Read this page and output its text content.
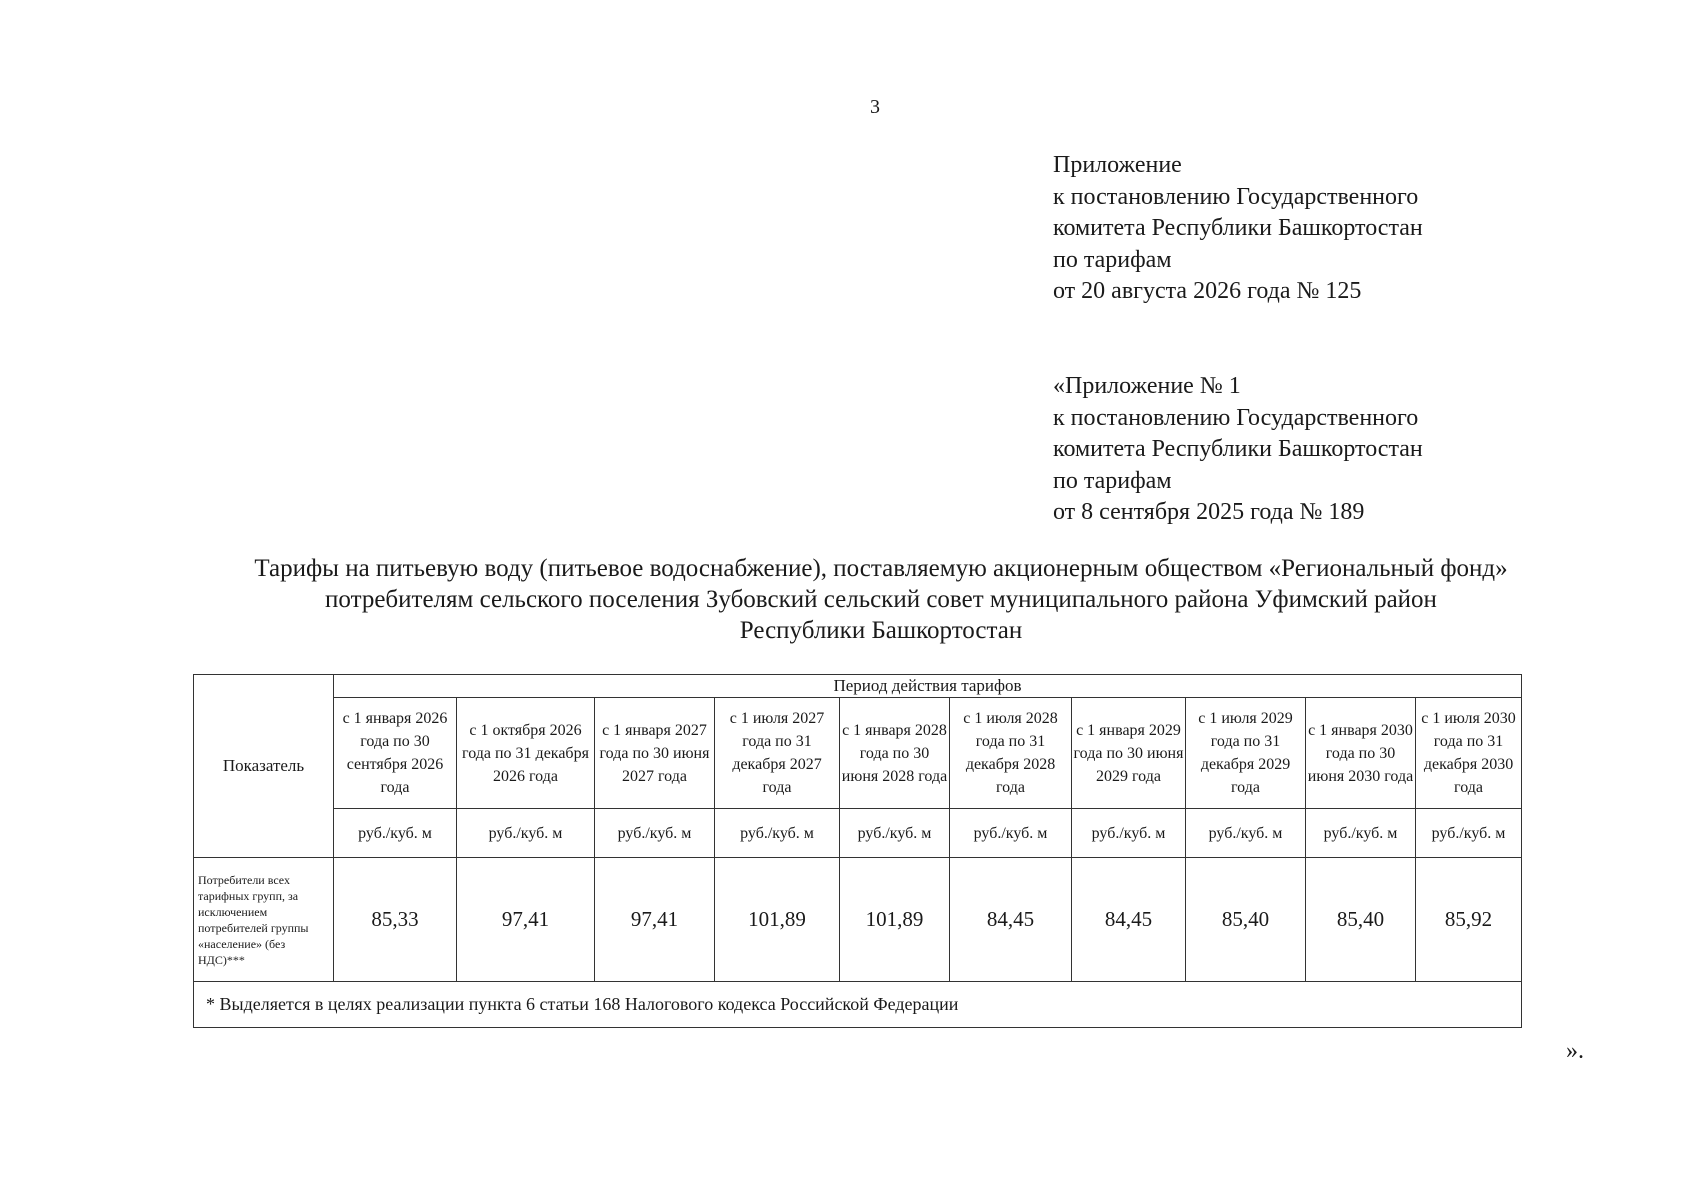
3
Приложение
к постановлению Государственного
комитета Республики Башкортостан
по тарифам
от 20 августа 2026 года № 125
«Приложение № 1
к постановлению Государственного
комитета Республики Башкортостан
по тарифам
от 8 сентября 2025 года № 189
Тарифы на питьевую воду (питьевое водоснабжение), поставляемую акционерным обществом «Региональный фонд»
потребителям сельского поселения Зубовский сельский совет муниципального района Уфимский район
Республики Башкортостан
Показатель	Период действия тарифов									
	с 1 января 2026 года по 30 сентября 2026 года	с 1 октября 2026 года по 31 декабря 2026 года	с 1 января 2027 года по 30 июня 2027 года	с 1 июля 2027 года по 31 декабря 2027 года	с 1 января 2028 года по 30 июня 2028 года	с 1 июля 2028 года по 31 декабря 2028 года	с 1 января 2029 года по 30 июня 2029 года	с 1 июля 2029 года по 31 декабря 2029 года	с 1 января 2030 года по 30 июня 2030 года	с 1 июля 2030 года по 31 декабря 2030 года
	руб./куб. м	руб./куб. м	руб./куб. м	руб./куб. м	руб./куб. м	руб./куб. м	руб./куб. м	руб./куб. м	руб./куб. м	руб./куб. м
Потребители всех тарифных групп, за исключением потребителей группы «население» (без НДС)***	85,33	97,41	97,41	101,89	101,89	84,45	84,45	85,40	85,40	85,92
* Выделяется в целях реализации пункта 6 статьи 168 Налогового кодекса Российской Федерации										
».
